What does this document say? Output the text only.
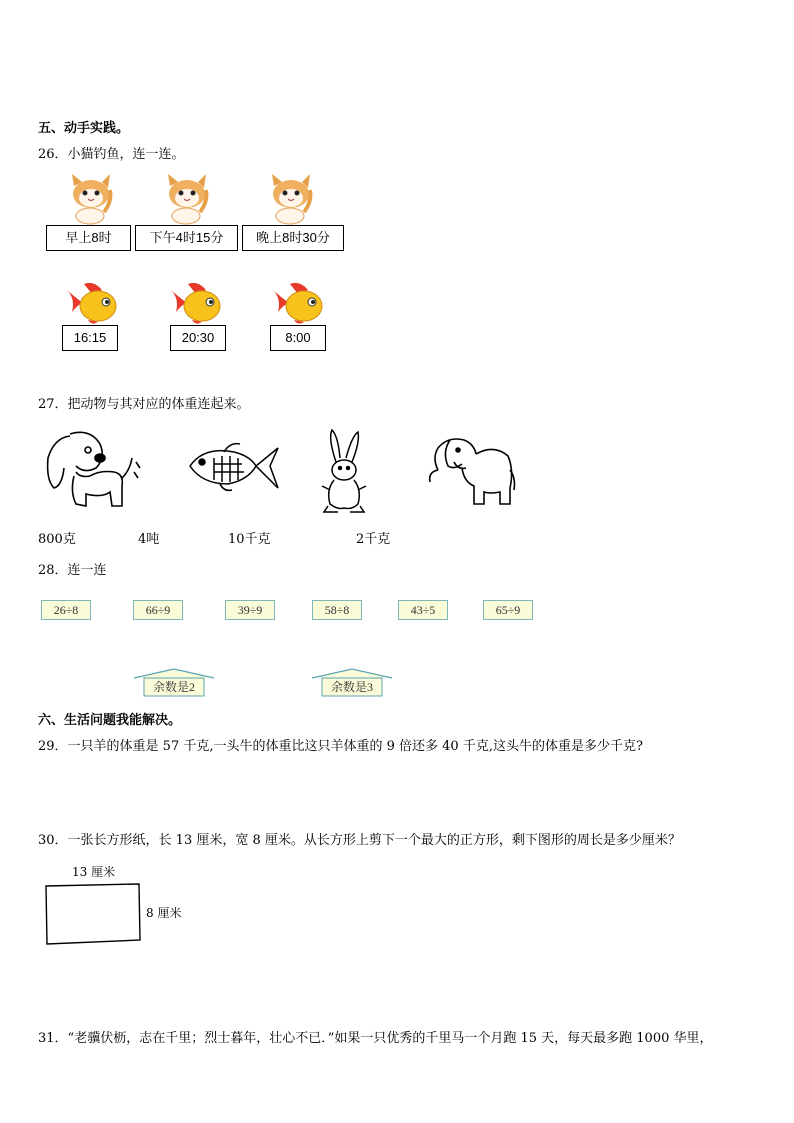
五、动手实践。
26．小猫钓鱼，连一连。
早上8时	下午4时15分	晚上8时30分
16:15	20:30	8:00
27．把动物与其对应的体重连起来。
800克	4吨	10千克	2千克
28．连一连
26÷8	66÷9	39÷9	58÷8	43÷5	65÷9
余数是2	余数是3
六、生活问题我能解决。
29．一只羊的体重是 57 千克,一头牛的体重比这只羊体重的 9 倍还多 40 千克,这头牛的体重是多少千克?
30．一张长方形纸，长 13 厘米，宽 8 厘米。从长方形上剪下一个最大的正方形，剩下图形的周长是多少厘米？
13 厘米
8 厘米
31．“老骥伏枥，志在千里；烈士暮年，壮心不已．”如果一只优秀的千里马一个月跑 15 天，每天最多跑 1000 华里，
